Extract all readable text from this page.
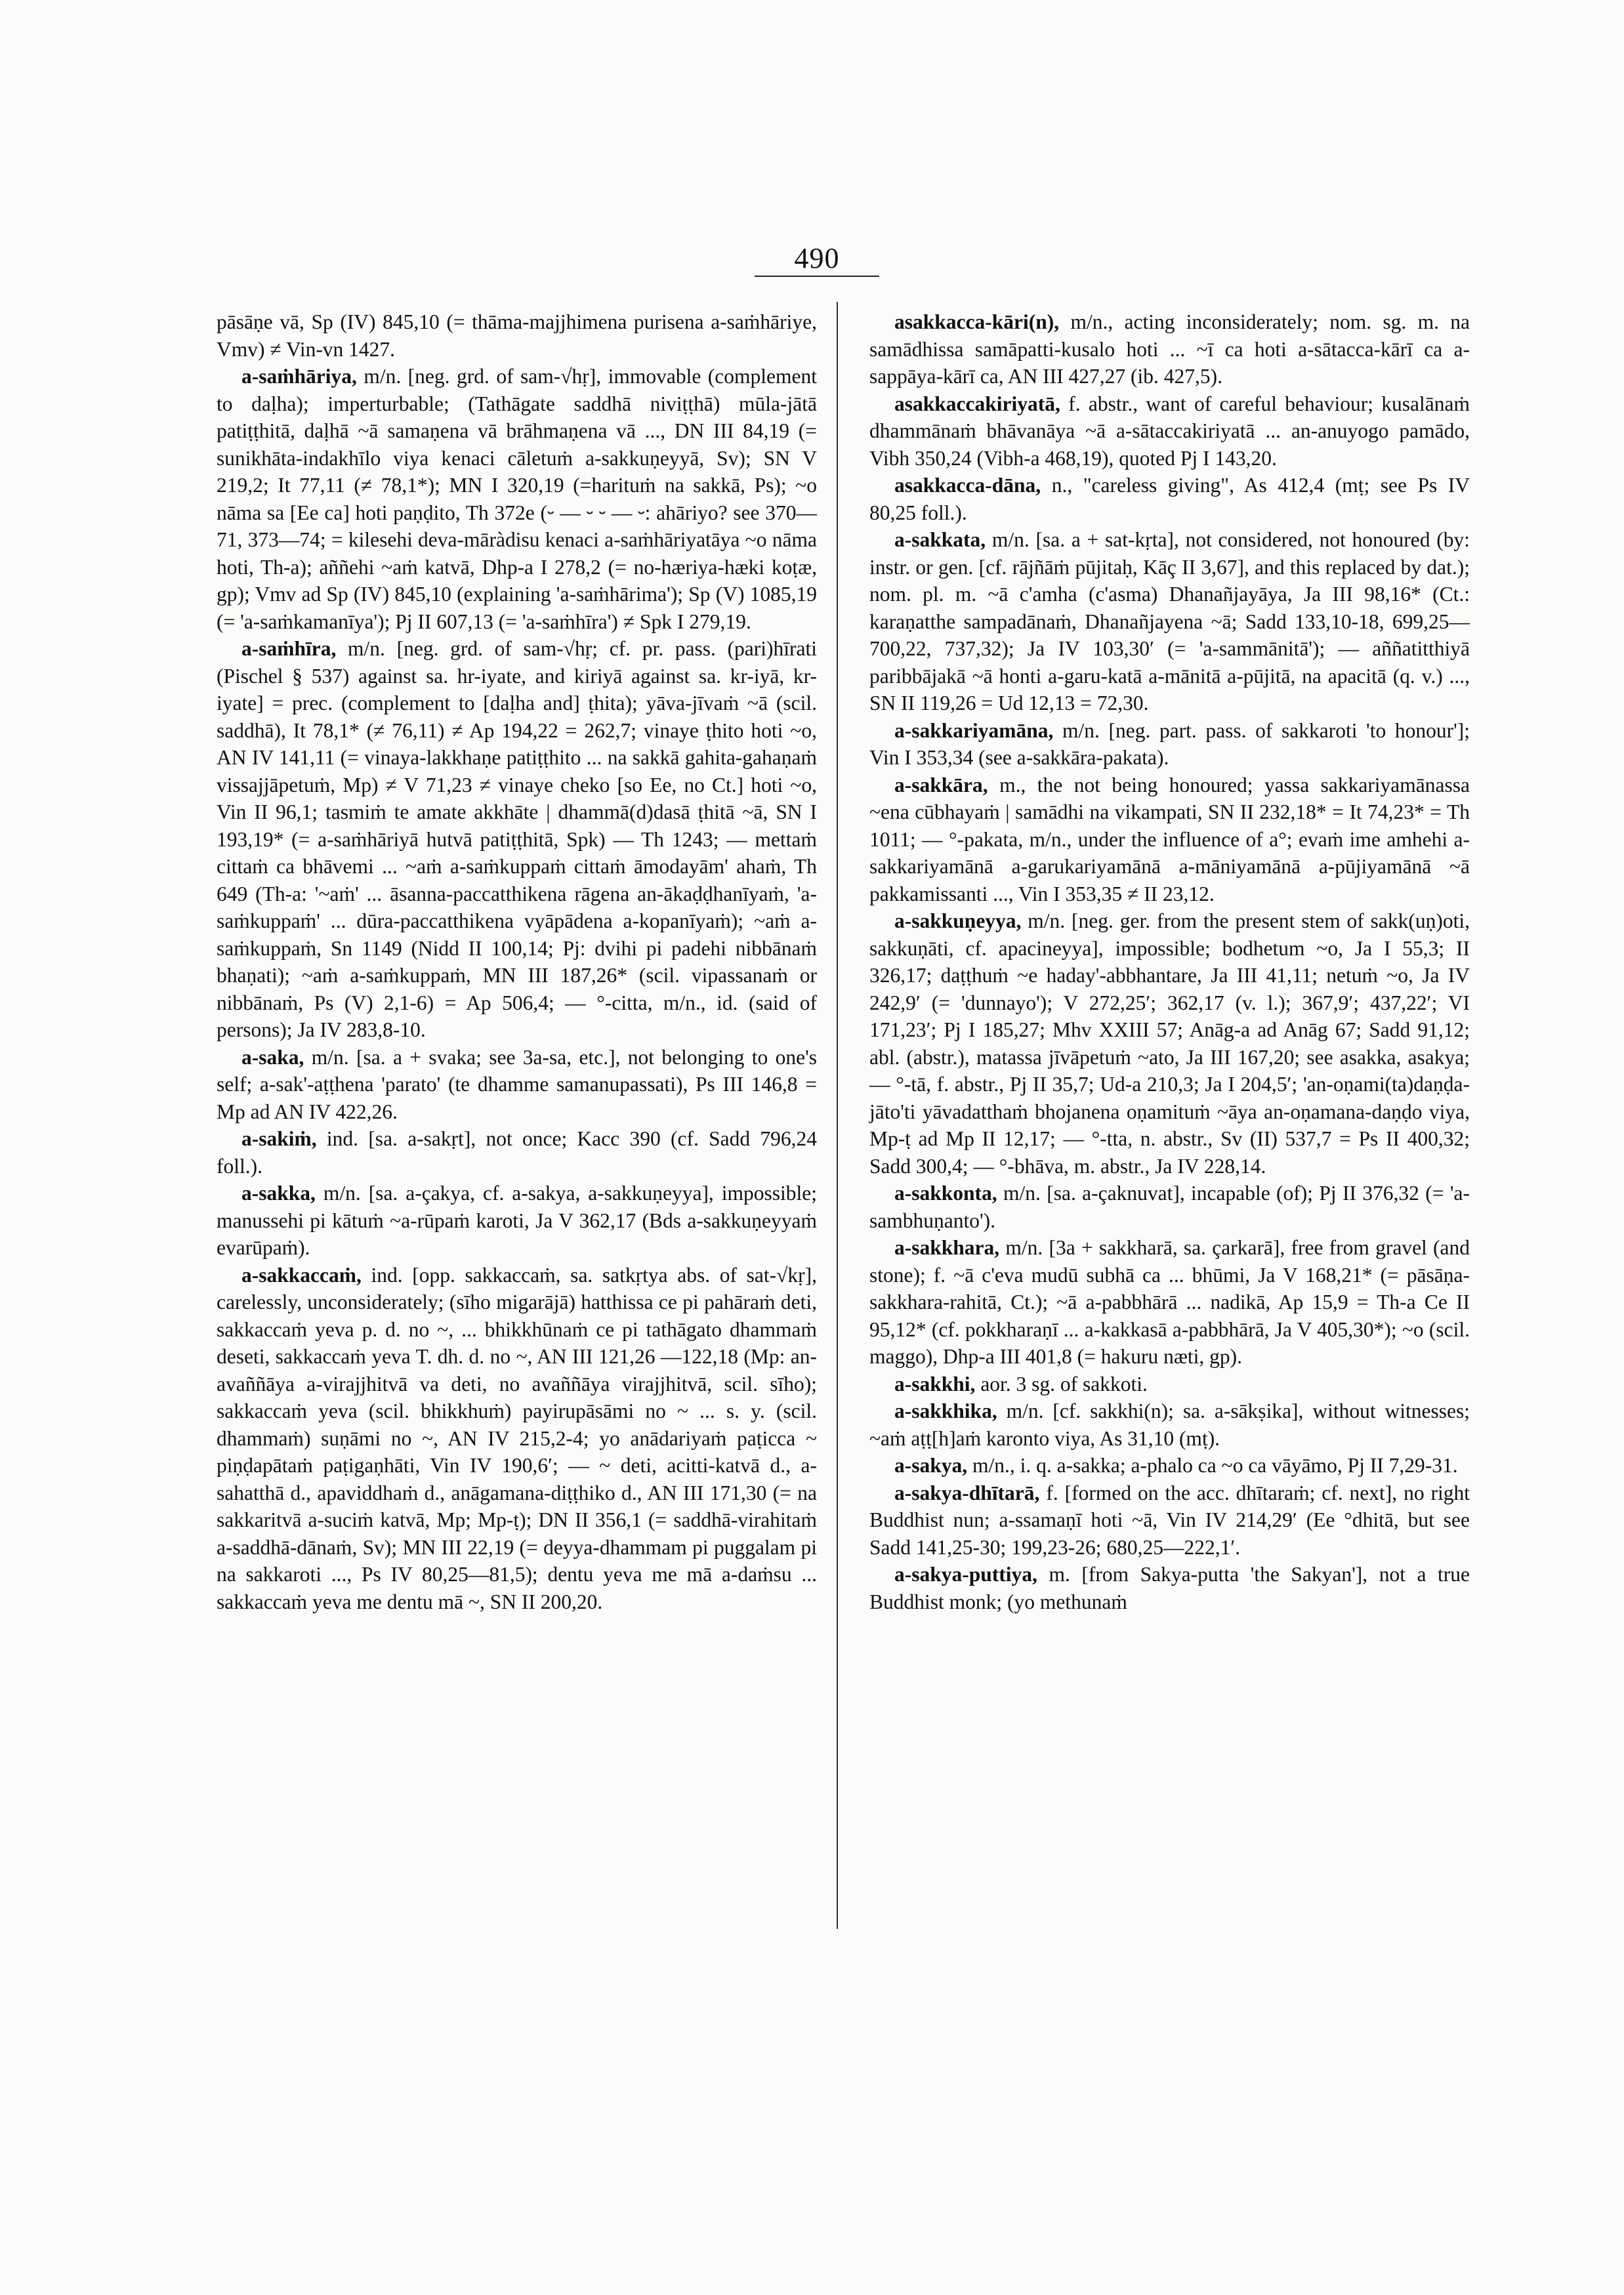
490

pāsāṇe vā, Sp (IV) 845,10 (= thāma-majjhimena purisena a-saṁhāriye, Vmv) ≠ Vin-vn 1427.

a-saṁhāriya, m/n. [neg. grd. of sam-√hṛ], immovable (complement to daḷha); imperturbable; (Tathāgate saddhā niviṭṭhā) mūla-jātā patiṭṭhitā, daḷhā ~ā samaṇena vā brāhmaṇena vā ..., DN III 84,19 (= sunikhāta-indakhīlo viya kenaci cāletuṁ a-sakkuṇeyyā, Sv); SN V 219,2; It 77,11 (≠ 78,1*); MN I 320,19 (=harituṁ na sakkā, Ps); ~o nāma sa [Ee ca] hoti paṇḍito, Th 372e (⏑ — ⏑ ⏑ — ⏑: ahāriyo? see 370—71, 373—74; = kilesehi deva-māràdisu kenaci a-saṁhāriyatāya ~o nāma hoti, Th-a); aññehi ~aṁ katvā, Dhp-a I 278,2 (= no-hæriya-hæki koṭæ, gp); Vmv ad Sp (IV) 845,10 (explaining 'a-saṁhārima'); Sp (V) 1085,19 (= 'a-saṁkamanīya'); Pj II 607,13 (= 'a-saṁhīra') ≠ Spk I 279,19.

a-saṁhīra, m/n. [neg. grd. of sam-√hṛ; cf. pr. pass. (pari)hīrati (Pischel § 537) against sa. hr-iyate, and kiriyā against sa. kr-iyā, kr-iyate] = prec. (complement to [daḷha and] ṭhita); yāva-jīvaṁ ~ā (scil. saddhā), It 78,1* (≠ 76,11) ≠ Ap 194,22 = 262,7; vinaye ṭhito hoti ~o, AN IV 141,11 (= vinaya-lakkhaṇe patiṭṭhito ... na sakkā gahita-gahaṇaṁ vissajjāpetuṁ, Mp) ≠ V 71,23 ≠ vinaye cheko [so Ee, no Ct.] hoti ~o, Vin II 96,1; tasmiṁ te amate akkhāte | dhammā(d)dasā ṭhitā ~ā, SN I 193,19* (= a-saṁhāriyā hutvā patiṭṭhitā, Spk) — Th 1243; — mettaṁ cittaṁ ca bhāvemi ... ~aṁ a-saṁkuppaṁ cittaṁ āmodayām' ahaṁ, Th 649 (Th-a: '~aṁ' ... āsanna-paccatthikena rāgena an-ākaḍḍhanīyaṁ, 'a-saṁkuppaṁ' ... dūra-paccatthikena vyāpādena a-kopanīyaṁ); ~aṁ a-saṁkuppaṁ, Sn 1149 (Nidd II 100,14; Pj: dvihi pi padehi nibbānaṁ bhaṇati); ~aṁ a-saṁkuppaṁ, MN III 187,26* (scil. vipassanaṁ or nibbānaṁ, Ps (V) 2,1-6) = Ap 506,4; — °-citta, m/n., id. (said of persons); Ja IV 283,8-10.

a-saka, m/n. [sa. a + svaka; see 3a-sa, etc.], not belonging to one's self; a-sak'-aṭṭhena 'parato' (te dhamme samanupassati), Ps III 146,8 = Mp ad AN IV 422,26.

a-sakiṁ, ind. [sa. a-sakṛt], not once; Kacc 390 (cf. Sadd 796,24 foll.).

a-sakka, m/n. [sa. a-çakya, cf. a-sakya, a-sakkuṇeyya], impossible; manussehi pi kātuṁ ~a-rūpaṁ karoti, Ja V 362,17 (Bds a-sakkuṇeyyaṁ evarūpaṁ).

a-sakkaccaṁ, ind. [opp. sakkaccaṁ, sa. satkṛtya abs. of sat-√kṛ], carelessly, unconsiderately; (sīho migarājā) hatthissa ce pi pahāraṁ deti, sakkaccaṁ yeva p. d. no ~, ... bhikkhūnaṁ ce pi tathāgato dhammaṁ deseti, sakkaccaṁ yeva T. dh. d. no ~, AN III 121,26 —122,18 (Mp: an-avaññāya a-virajjhitvā va deti, no avaññāya virajjhitvā, scil. sīho); sakkaccaṁ yeva (scil. bhikkhuṁ) payirupāsāmi no ~ ... s. y. (scil. dhammaṁ) suṇāmi no ~, AN IV 215,2-4; yo anādariyaṁ paṭicca ~ piṇḍapātaṁ paṭigaṇhāti, Vin IV 190,6′; — ~ deti, acitti-katvā d., a-sahatthā d., apaviddhaṁ d., anāgamana-diṭṭhiko d., AN III 171,30 (= na sakkaritvā a-suciṁ katvā, Mp; Mp-ṭ); DN II 356,1 (= saddhā-virahitaṁ a-saddhā-dānaṁ, Sv); MN III 22,19 (= deyya-dhammam pi puggalam pi na sakkaroti ..., Ps IV 80,25—81,5); dentu yeva me mā a-daṁsu ... sakkaccaṁ yeva me dentu mā ~, SN II 200,20.

asakkacca-kāri(n), m/n., acting inconsiderately; nom. sg. m. na samādhissa samāpatti-kusalo hoti ... ~ī ca hoti a-sātacca-kārī ca a-sappāya-kārī ca, AN III 427,27 (ib. 427,5).

asakkaccakiriyatā, f. abstr., want of careful behaviour; kusalānaṁ dhammānaṁ bhāvanāya ~ā a-sātaccakiriyatā ... an-anuyogo pamādo, Vibh 350,24 (Vibh-a 468,19), quoted Pj I 143,20.

asakkacca-dāna, n., "careless giving", As 412,4 (mṭ; see Ps IV 80,25 foll.).

a-sakkata, m/n. [sa. a + sat-kṛta], not considered, not honoured (by: instr. or gen. [cf. rājñāṁ pūjitaḥ, Kāç II 3,67], and this replaced by dat.); nom. pl. m. ~ā c'amha (c'asma) Dhanañjayāya, Ja III 98,16* (Ct.: karaṇatthe sampadānaṁ, Dhanañjayena ~ā; Sadd 133,10-18, 699,25—700,22, 737,32); Ja IV 103,30′ (= 'a-sammānitā'); — aññatitthiyā paribbājakā ~ā honti a-garu-katā a-mānitā a-pūjitā, na apacitā (q. v.) ..., SN II 119,26 = Ud 12,13 = 72,30.

a-sakkariyamāna, m/n. [neg. part. pass. of sakkaroti 'to honour']; Vin I 353,34 (see a-sakkāra-pakata).

a-sakkāra, m., the not being honoured; yassa sakkariyamānassa ~ena cūbhayaṁ | samādhi na vikampati, SN II 232,18* = It 74,23* = Th 1011; — °-pakata, m/n., under the influence of a°; evaṁ ime amhehi a-sakkariyamānā a-garukariyamānā a-māniyamānā a-pūjiyamānā ~ā pakkamissanti ..., Vin I 353,35 ≠ II 23,12.

a-sakkuṇeyya, m/n. [neg. ger. from the present stem of sakk(uṇ)oti, sakkuṇāti, cf. apacineyya], impossible; bodhetum ~o, Ja I 55,3; II 326,17; daṭṭhuṁ ~e haday'-abbhantare, Ja III 41,11; netuṁ ~o, Ja IV 242,9′ (= 'dunnayo'); V 272,25′; 362,17 (v. l.); 367,9′; 437,22′; VI 171,23′; Pj I 185,27; Mhv XXIII 57; Anāg-a ad Anāg 67; Sadd 91,12; abl. (abstr.), matassa jīvāpetuṁ ~ato, Ja III 167,20; see asakka, asakya; — °-tā, f. abstr., Pj II 35,7; Ud-a 210,3; Ja I 204,5′; 'an-oṇami(ta)daṇḍa-jāto'ti yāvadatthaṁ bhojanena oṇamituṁ ~āya an-oṇamana-daṇḍo viya, Mp-ṭ ad Mp II 12,17; — °-tta, n. abstr., Sv (II) 537,7 = Ps II 400,32; Sadd 300,4; — °-bhāva, m. abstr., Ja IV 228,14.

a-sakkonta, m/n. [sa. a-çaknuvat], incapable (of); Pj II 376,32 (= 'a-sambhuṇanto').

a-sakkhara, m/n. [3a + sakkharā, sa. çarkarā], free from gravel (and stone); f. ~ā c'eva mudū subhā ca ... bhūmi, Ja V 168,21* (= pāsāṇa-sakkhara-rahitā, Ct.); ~ā a-pabbhārā ... nadikā, Ap 15,9 = Th-a Ce II 95,12* (cf. pokkharaṇī ... a-kakkasā a-pabbhārā, Ja V 405,30*); ~o (scil. maggo), Dhp-a III 401,8 (= hakuru næti, gp).

a-sakkhi, aor. 3 sg. of sakkoti.

a-sakkhika, m/n. [cf. sakkhi(n); sa. a-sākṣika], without witnesses; ~aṁ aṭṭ[h]aṁ karonto viya, As 31,10 (mṭ).

a-sakya, m/n., i. q. a-sakka; a-phalo ca ~o ca vāyāmo, Pj II 7,29-31.

a-sakya-dhītarā, f. [formed on the acc. dhītaraṁ; cf. next], no right Buddhist nun; a-ssamaṇī hoti ~ā, Vin IV 214,29′ (Ee °dhitā, but see Sadd 141,25-30; 199,23-26; 680,25—222,1′.

a-sakya-puttiya, m. [from Sakya-putta 'the Sakyan'], not a true Buddhist monk; (yo methunaṁ
